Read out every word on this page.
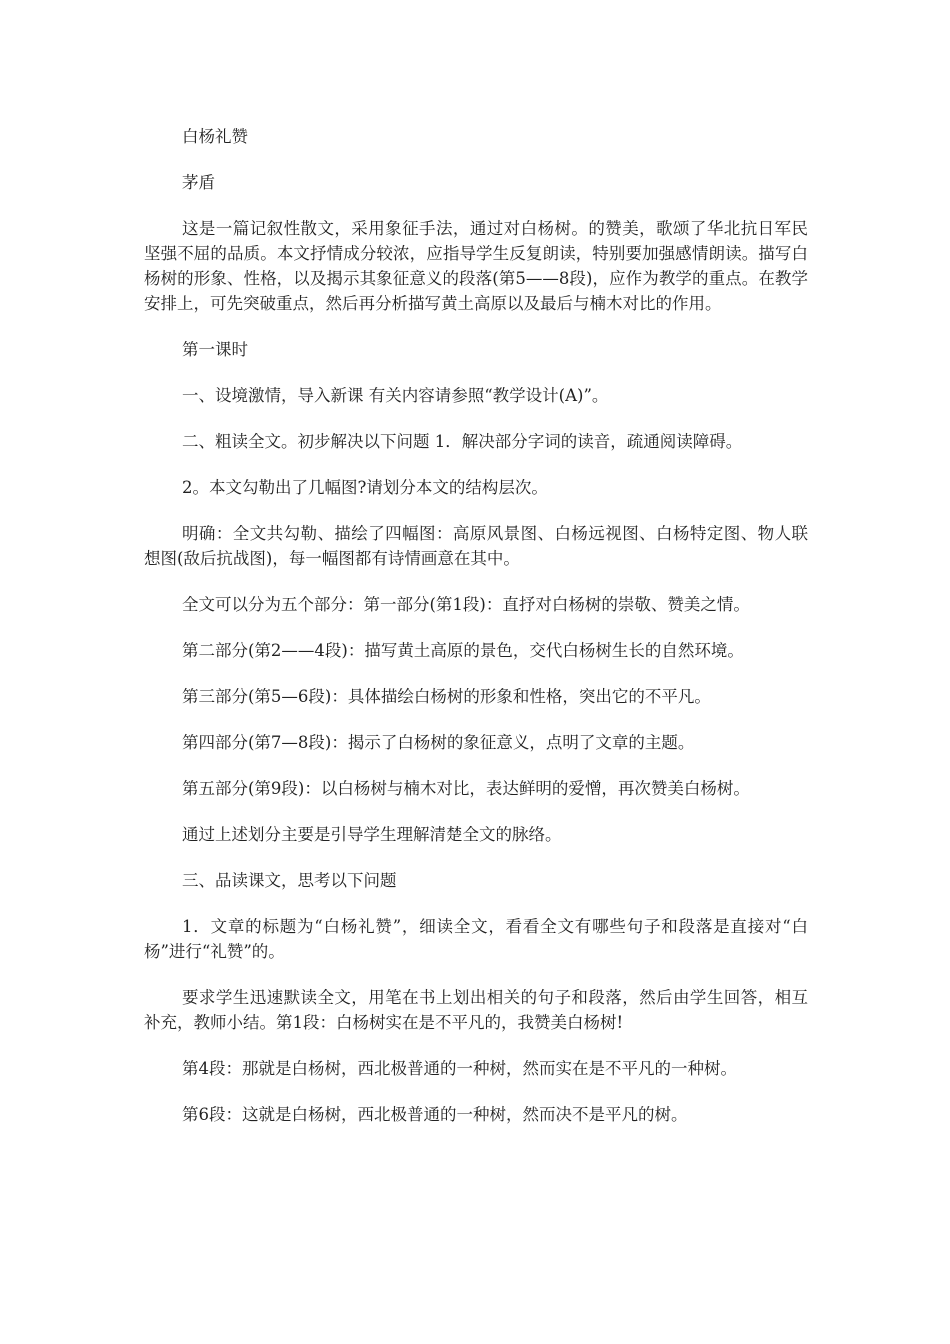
白杨礼赞

茅盾

这是一篇记叙性散文，采用象征手法，通过对白杨树。的赞美，歌颂了华北抗日军民坚强不屈的品质。本文抒情成分较浓，应指导学生反复朗读，特别要加强感情朗读。描写白杨树的形象、性格，以及揭示其象征意义的段落(第5——8段)，应作为教学的重点。在教学安排上，可先突破重点，然后再分析描写黄土高原以及最后与楠木对比的作用。

第一课时

一、设境激情，导入新课 有关内容请参照“教学设计(A)”。

二、粗读全文。初步解决以下问题 1．解决部分字词的读音，疏通阅读障碍。

2。本文勾勒出了几幅图?请划分本文的结构层次。

明确：全文共勾勒、描绘了四幅图：高原风景图、白杨远视图、白杨特定图、物人联想图(敌后抗战图)，每一幅图都有诗情画意在其中。

全文可以分为五个部分：第一部分(第1段)：直抒对白杨树的崇敬、赞美之情。

第二部分(第2——4段)：描写黄土高原的景色，交代白杨树生长的自然环境。

第三部分(第5—6段)：具体描绘白杨树的形象和性格，突出它的不平凡。

第四部分(第7—8段)：揭示了白杨树的象征意义，点明了文章的主题。

第五部分(第9段)：以白杨树与楠木对比，表达鲜明的爱憎，再次赞美白杨树。

通过上述划分主要是引导学生理解清楚全文的脉络。

三、品读课文，思考以下问题

1．文章的标题为“白杨礼赞”，细读全文，看看全文有哪些句子和段落是直接对“白杨”进行“礼赞”的。

要求学生迅速默读全文，用笔在书上划出相关的句子和段落，然后由学生回答，相互补充，教师小结。第1段：白杨树实在是不平凡的，我赞美白杨树!

第4段：那就是白杨树，西北极普通的一种树，然而实在是不平凡的一种树。

第6段：这就是白杨树，西北极普通的一种树，然而决不是平凡的树。
